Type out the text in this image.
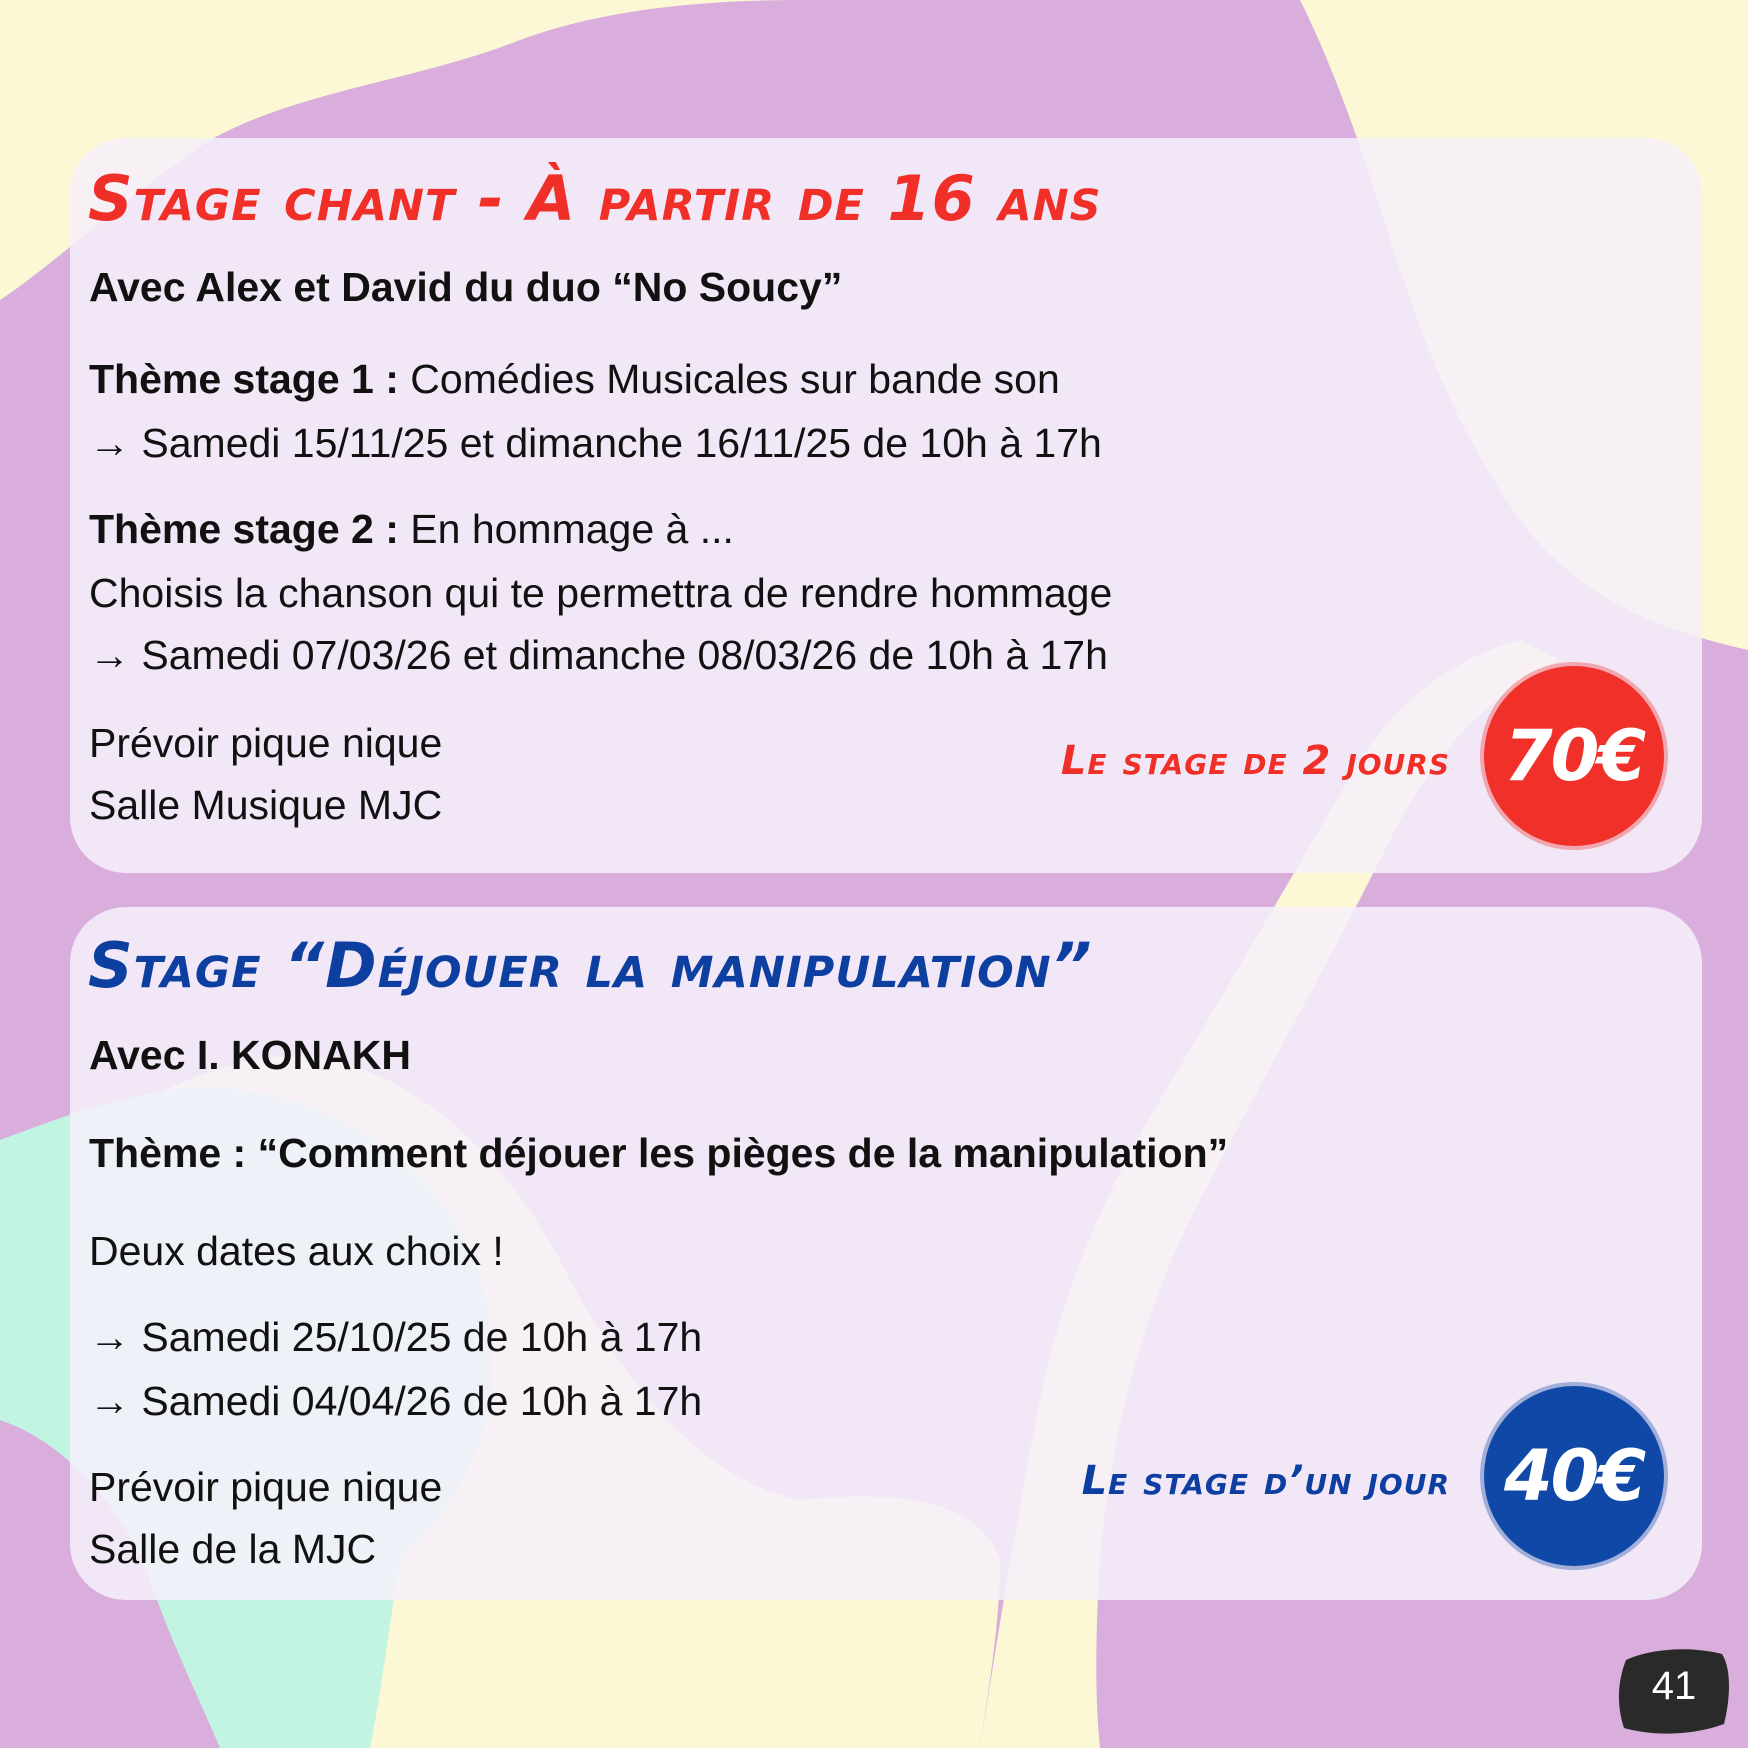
Stage chant - À partir de 16 ans

Avec Alex et David du duo “No Soucy”

Thème stage 1 : Comédies Musicales sur bande son

→ Samedi 15/11/25 et dimanche 16/11/25 de 10h à 17h

Thème stage 2 : En hommage à ...

Choisis la chanson qui te permettra de rendre hommage

→ Samedi 07/03/26 et dimanche 08/03/26 de 10h à 17h

Prévoir pique nique

Salle Musique MJC

Le stage de 2 jours 70€
Stage “Déjouer la manipulation”

Avec I. KONAKH

Thème : “Comment déjouer les pièges de la manipulation”

Deux dates aux choix !

→ Samedi 25/10/25 de 10h à 17h

→ Samedi 04/04/26 de 10h à 17h

Prévoir pique nique

Salle de la MJC

Le stage d’un jour 40€
41
